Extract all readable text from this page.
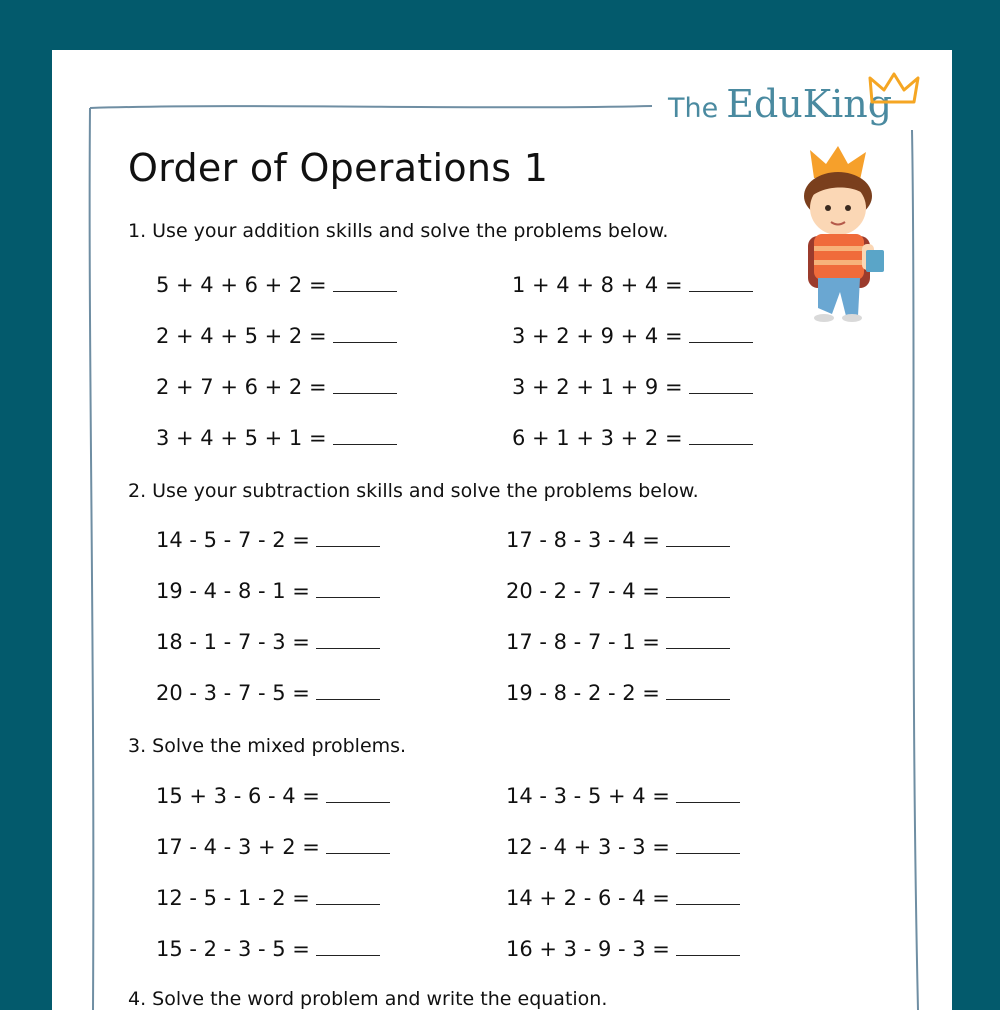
The EduKing
Order of Operations 1
1. Use your addition skills and solve the problems below.
5 + 4 + 6 + 2 =
2 + 4 + 5 + 2 =
2 + 7 + 6 + 2 =
3 + 4 + 5 + 1 =
1 + 4 + 8 + 4 =
3 + 2 + 9 + 4 =
3 + 2 + 1 + 9 =
6 + 1 + 3 + 2 =
2. Use your subtraction skills and solve the problems below.
14 - 5 - 7 - 2 =
19 - 4 - 8 - 1 =
18 - 1 - 7 - 3 =
20 - 3 - 7 - 5 =
17 - 8 - 3 - 4 =
20 - 2 - 7 - 4 =
17 - 8 - 7 - 1 =
19 - 8 - 2 - 2 =
3. Solve the mixed problems.
15 + 3 - 6 - 4 =
17 - 4 - 3 + 2 =
12 - 5 - 1 - 2 =
15 - 2 - 3 - 5 =
14 - 3 - 5 + 4 =
12 - 4 + 3 - 3 =
14 + 2 - 6 - 4 =
16 + 3 - 9 - 3 =
4. Solve the word problem and write the equation.
